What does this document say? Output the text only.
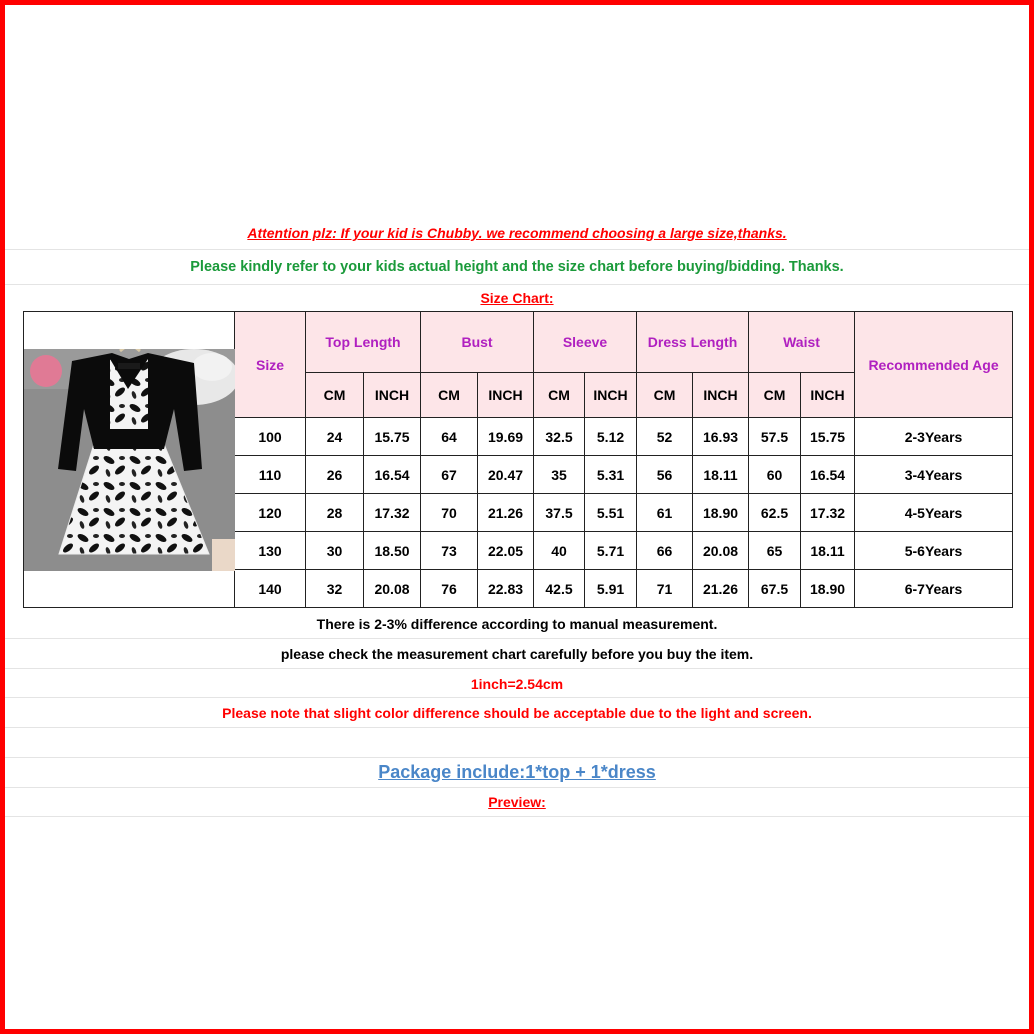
Attention plz: If your kid is Chubby. we recommend choosing a large size,thanks.
Please kindly refer to your kids actual height and the size chart before buying/bidding. Thanks.
Size Chart:
	Size	Top Length		Bust		Sleeve		Dress Length		Waist		Recommended Age
		CM	INCH	CM	INCH	CM	INCH	CM	INCH	CM	INCH	
	100	24	15.75	64	19.69	32.5	5.12	52	16.93	57.5	15.75	2-3Years
	110	26	16.54	67	20.47	35	5.31	56	18.11	60	16.54	3-4Years
	120	28	17.32	70	21.26	37.5	5.51	61	18.90	62.5	17.32	4-5Years
	130	30	18.50	73	22.05	40	5.71	66	20.08	65	18.11	5-6Years
	140	32	20.08	76	22.83	42.5	5.91	71	21.26	67.5	18.90	6-7Years
There is 2-3% difference according to manual measurement.
please check the measurement chart carefully before you buy the item.
1inch=2.54cm
Please note that slight color difference should be acceptable due to the light and screen.
Package include:1*top + 1*dress
Preview:
